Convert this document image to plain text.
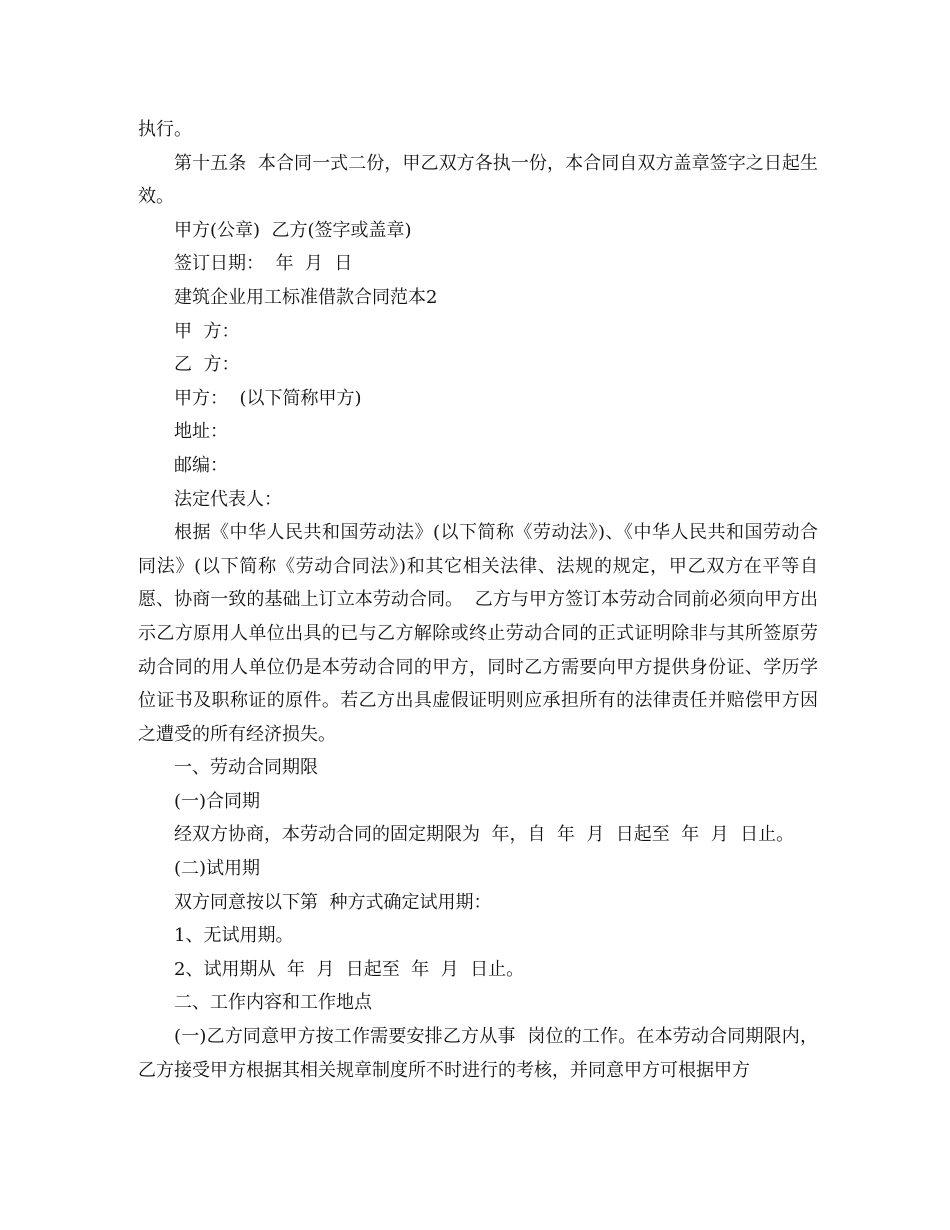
执行。

第十五条  本合同一式二份，甲乙双方各执一份，本合同自双方盖章签字之日起生效。

甲方(公章)  乙方(签字或盖章)

签订日期：  年  月  日

建筑企业用工标准借款合同范本2

甲  方：

乙  方：

甲方：  (以下简称甲方)

地址：

邮编：

法定代表人：

根据《中华人民共和国劳动法》(以下简称《劳动法》)、《中华人民共和国劳动合同法》(以下简称《劳动合同法》)和其它相关法律、法规的规定，甲乙双方在平等自愿、协商一致的基础上订立本劳动合同。  乙方与甲方签订本劳动合同前必须向甲方出示乙方原用人单位出具的已与乙方解除或终止劳动合同的正式证明除非与其所签原劳动合同的用人单位仍是本劳动合同的甲方，同时乙方需要向甲方提供身份证、学历学位证书及职称证的原件。若乙方出具虚假证明则应承担所有的法律责任并赔偿甲方因之遭受的所有经济损失。

一、劳动合同期限

(一)合同期

经双方协商，本劳动合同的固定期限为  年，自  年  月  日起至  年  月  日止。

(二)试用期

双方同意按以下第  种方式确定试用期：

1、无试用期。

2、试用期从  年  月  日起至  年  月  日止。

二、工作内容和工作地点

(一)乙方同意甲方按工作需要安排乙方从事  岗位的工作。在本劳动合同期限内，乙方接受甲方根据其相关规章制度所不时进行的考核，并同意甲方可根据甲方
